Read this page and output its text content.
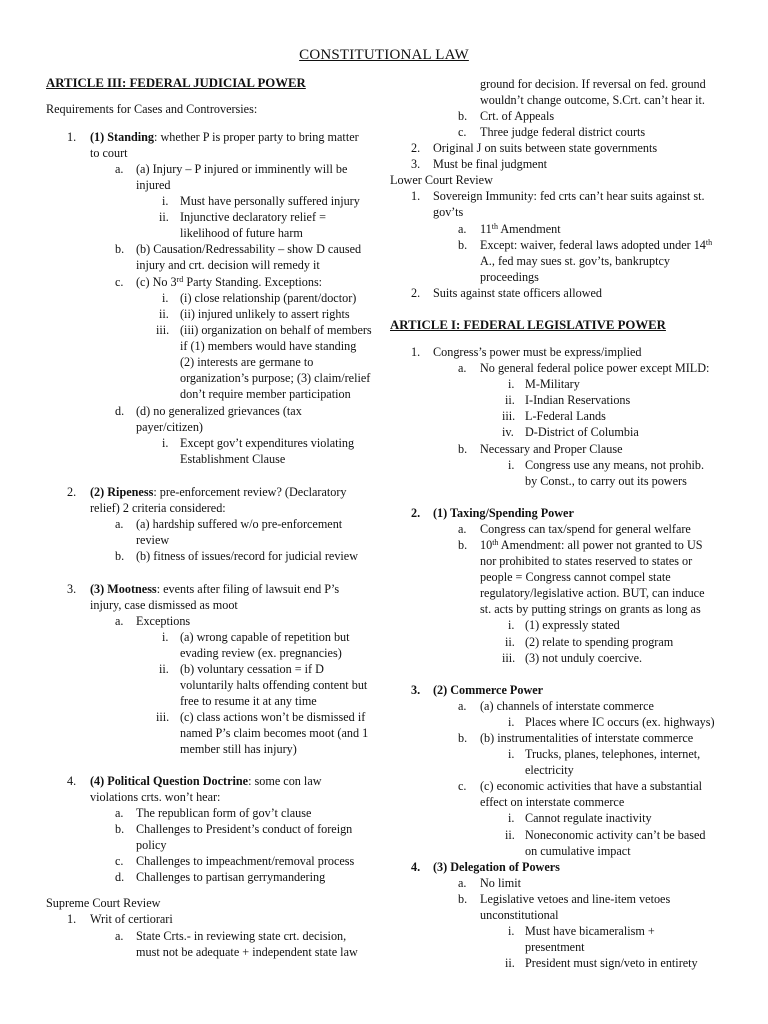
CONSTITUTIONAL LAW
ARTICLE III: FEDERAL JUDICIAL POWER
Requirements for Cases and Controversies:
1. (1) Standing: whether P is proper party to bring matter
to court
a. (a) Injury – P injured or imminently will be
injured
i. Must have personally suffered injury
ii. Injunctive declaratory relief =
likelihood of future harm
b. (b) Causation/Redressability – show D caused
injury and crt. decision will remedy it
c. (c) No 3rd Party Standing. Exceptions:
i. (i) close relationship (parent/doctor)
ii. (ii) injured unlikely to assert rights
iii. (iii) organization on behalf of members
if (1) members would have standing
(2) interests are germane to
organization’s purpose; (3) claim/relief
don’t require member participation
d. (d) no generalized grievances (tax
payer/citizen)
i. Except gov’t expenditures violating
Establishment Clause
2. (2) Ripeness: pre-enforcement review? (Declaratory
relief) 2 criteria considered:
a. (a) hardship suffered w/o pre-enforcement
review
b. (b) fitness of issues/record for judicial review
3. (3) Mootness: events after filing of lawsuit end P’s
injury, case dismissed as moot
a. Exceptions
i. (a) wrong capable of repetition but
evading review (ex. pregnancies)
ii. (b) voluntary cessation = if D
voluntarily halts offending content but
free to resume it at any time
iii. (c) class actions won’t be dismissed if
named P’s claim becomes moot (and 1
member still has injury)
4. (4) Political Question Doctrine: some con law
violations crts. won’t hear:
a. The republican form of gov’t clause
b. Challenges to President’s conduct of foreign
policy
c. Challenges to impeachment/removal process
d. Challenges to partisan gerrymandering
Supreme Court Review
1. Writ of certiorari
a. State Crts.- in reviewing state crt. decision,
must not be adequate + independent state law
ground for decision. If reversal on fed. ground
wouldn’t change outcome, S.Crt. can’t hear it.
b. Crt. of Appeals
c. Three judge federal district courts
2. Original J on suits between state governments
3. Must be final judgment
Lower Court Review
1. Sovereign Immunity: fed crts can’t hear suits against st.
gov’ts
a. 11th Amendment
b. Except: waiver, federal laws adopted under 14th
A., fed may sues st. gov’ts, bankruptcy
proceedings
2. Suits against state officers allowed
ARTICLE I: FEDERAL LEGISLATIVE POWER
1. Congress’s power must be express/implied
a. No general federal police power except MILD:
i. M-Military
ii. I-Indian Reservations
iii. L-Federal Lands
iv. D-District of Columbia
b. Necessary and Proper Clause
i. Congress use any means, not prohib.
by Const., to carry out its powers
2. (1) Taxing/Spending Power
a. Congress can tax/spend for general welfare
b. 10th Amendment: all power not granted to US
nor prohibited to states reserved to states or
people = Congress cannot compel state
regulatory/legislative action. BUT, can induce
st. acts by putting strings on grants as long as
i. (1) expressly stated
ii. (2) relate to spending program
iii. (3) not unduly coercive.
3. (2) Commerce Power
a. (a) channels of interstate commerce
i. Places where IC occurs (ex. highways)
b. (b) instrumentalities of interstate commerce
i. Trucks, planes, telephones, internet,
electricity
c. (c) economic activities that have a substantial
effect on interstate commerce
i. Cannot regulate inactivity
ii. Noneconomic activity can’t be based
on cumulative impact
4. (3) Delegation of Powers
a. No limit
b. Legislative vetoes and line-item vetoes
unconstitutional
i. Must have bicameralism +
presentment
ii. President must sign/veto in entirety
